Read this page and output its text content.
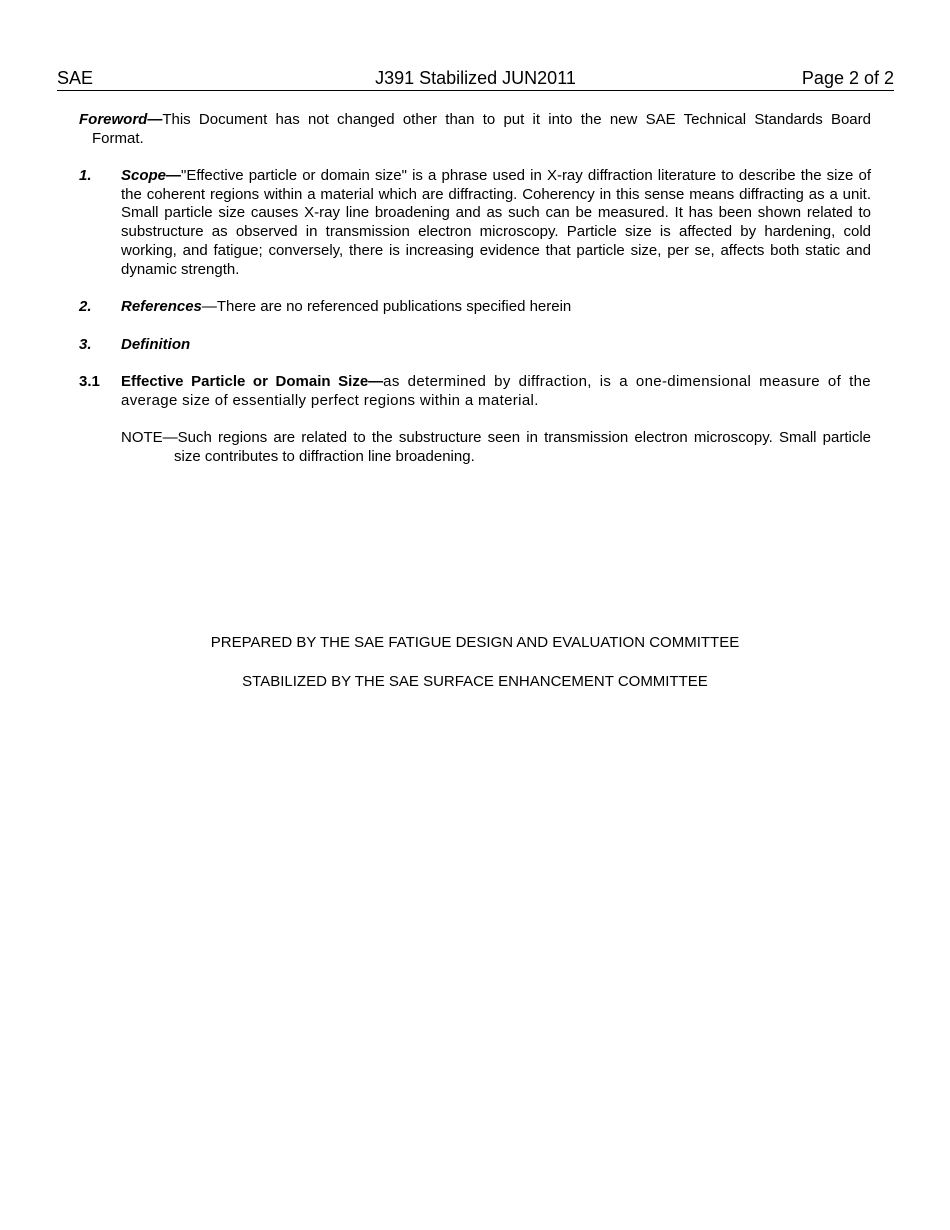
SAE	J391 Stabilized JUN2011	Page 2 of 2
Foreword—This Document has not changed other than to put it into the new SAE Technical Standards Board
Format.
1. Scope—"Effective particle or domain size" is a phrase used in X-ray diffraction literature to describe the size of the coherent regions within a material which are diffracting. Coherency in this sense means diffracting as a unit. Small particle size causes X-ray line broadening and as such can be measured. It has been shown related to substructure as observed in transmission electron microscopy. Particle size is affected by hardening, cold working, and fatigue; conversely, there is increasing evidence that particle size, per se, affects both static and dynamic strength.
2. References—There are no referenced publications specified herein
3. Definition
3.1 Effective Particle or Domain Size—as determined by diffraction, is a one-dimensional measure of the average size of essentially perfect regions within a material.
NOTE—Such regions are related to the substructure seen in transmission electron microscopy. Small particle
size contributes to diffraction line broadening.
PREPARED BY THE SAE FATIGUE DESIGN AND EVALUATION COMMITTEE
STABILIZED BY THE SAE SURFACE ENHANCEMENT COMMITTEE
